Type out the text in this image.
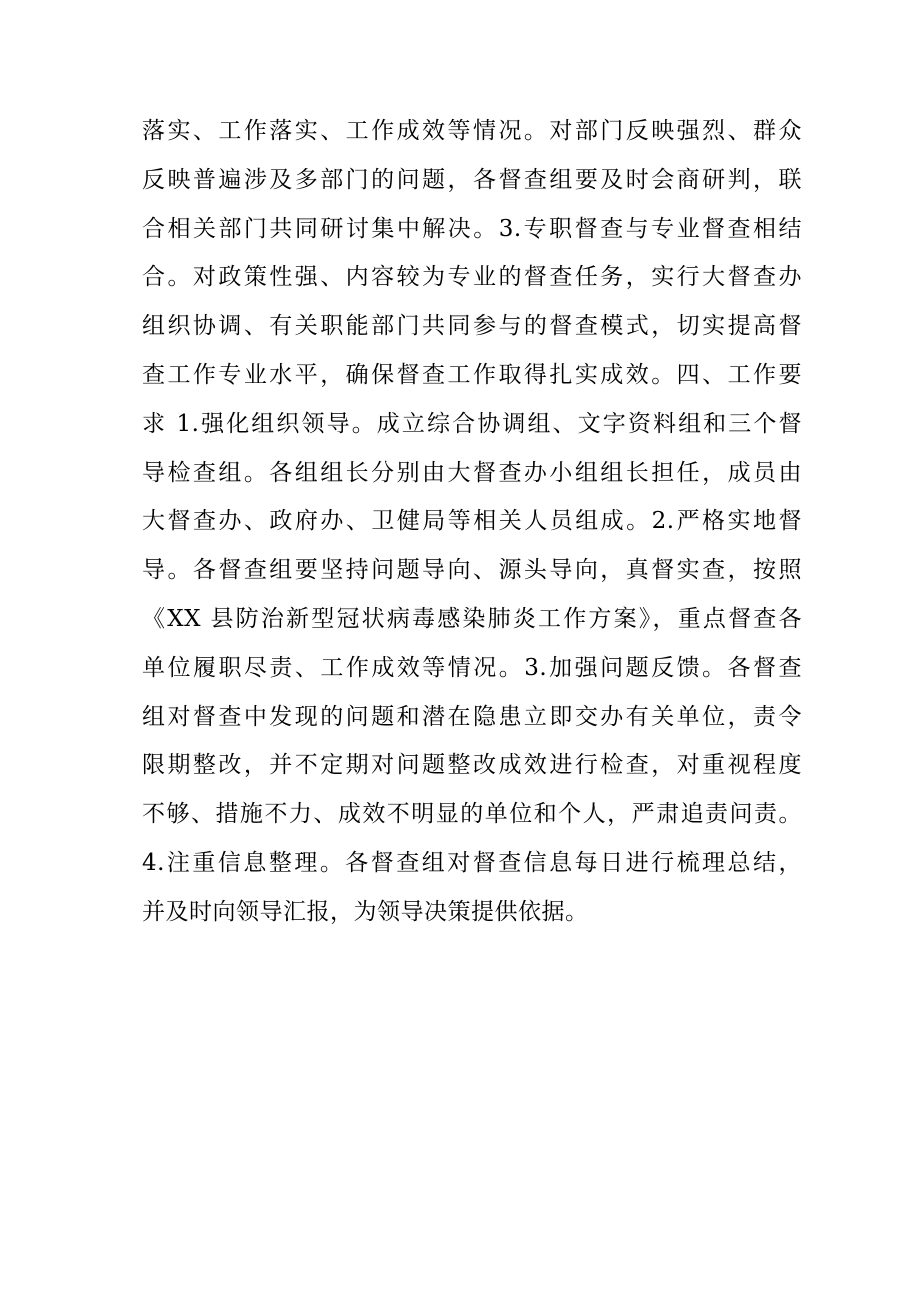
落实、工作落实、工作成效等情况。对部门反映强烈、群众
反映普遍涉及多部门的问题，各督查组要及时会商研判，联
合相关部门共同研讨集中解决。3.专职督查与专业督查相结
合。对政策性强、内容较为专业的督查任务，实行大督查办
组织协调、有关职能部门共同参与的督查模式，切实提高督
查工作专业水平，确保督查工作取得扎实成效。四、工作要
求 1.强化组织领导。成立综合协调组、文字资料组和三个督
导检查组。各组组长分别由大督查办小组组长担任，成员由
大督查办、政府办、卫健局等相关人员组成。2.严格实地督
导。各督查组要坚持问题导向、源头导向，真督实查，按照
《XX 县防治新型冠状病毒感染肺炎工作方案》，重点督查各
单位履职尽责、工作成效等情况。3.加强问题反馈。各督查
组对督查中发现的问题和潜在隐患立即交办有关单位，责令
限期整改，并不定期对问题整改成效进行检查，对重视程度
不够、措施不力、成效不明显的单位和个人，严肃追责问责。
4.注重信息整理。各督查组对督查信息每日进行梳理总结，
并及时向领导汇报，为领导决策提供依据。
